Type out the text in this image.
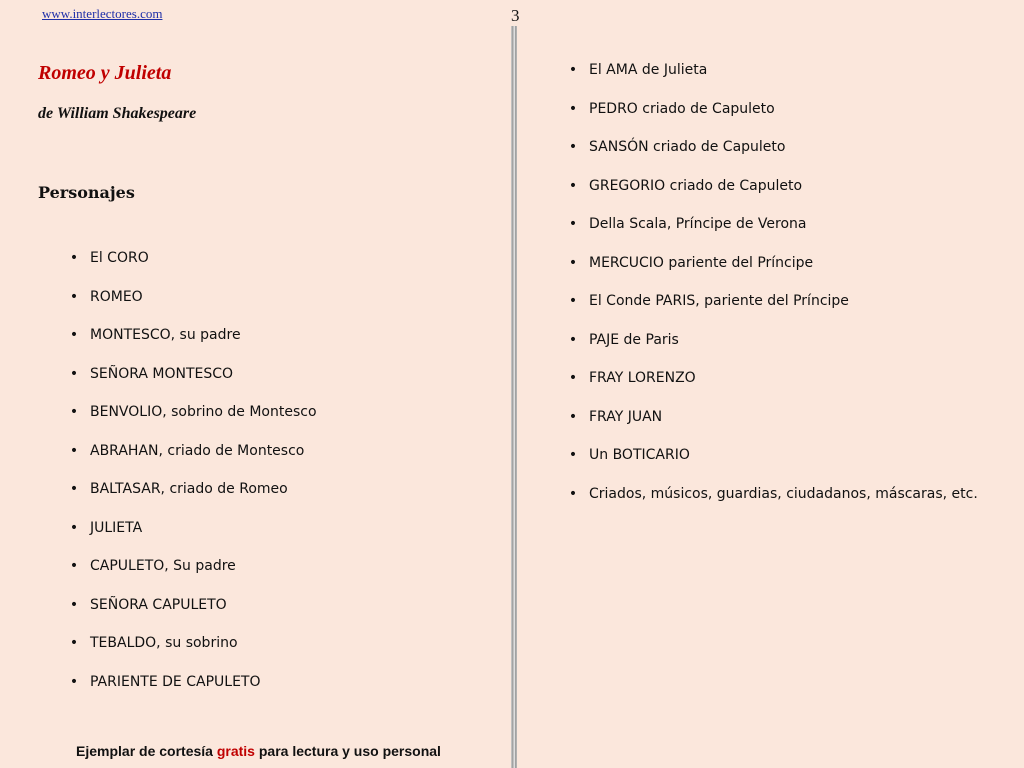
www.interlectores.com	3
Romeo y Julieta
de William Shakespeare
Personajes
• El CORO
• ROMEO
• MONTESCO, su padre
• SEÑORA MONTESCO
• BENVOLIO, sobrino de Montesco
• ABRAHAN, criado de Montesco
• BALTASAR, criado de Romeo
• JULIETA
• CAPULETO, Su padre
• SEÑORA CAPULETO
• TEBALDO, su sobrino
• PARIENTE DE CAPULETO
• El AMA de Julieta
• PEDRO criado de Capuleto
• SANSÓN criado de Capuleto
• GREGORIO criado de Capuleto
• Della Scala, Príncipe de Verona
• MERCUCIO pariente del Príncipe
• El Conde PARIS, pariente del Príncipe
• PAJE de Paris
• FRAY LORENZO
• FRAY JUAN
• Un BOTICARIO
• Criados, músicos, guardias, ciudadanos, máscaras, etc.
Ejemplar de cortesía gratis para lectura y uso personal
